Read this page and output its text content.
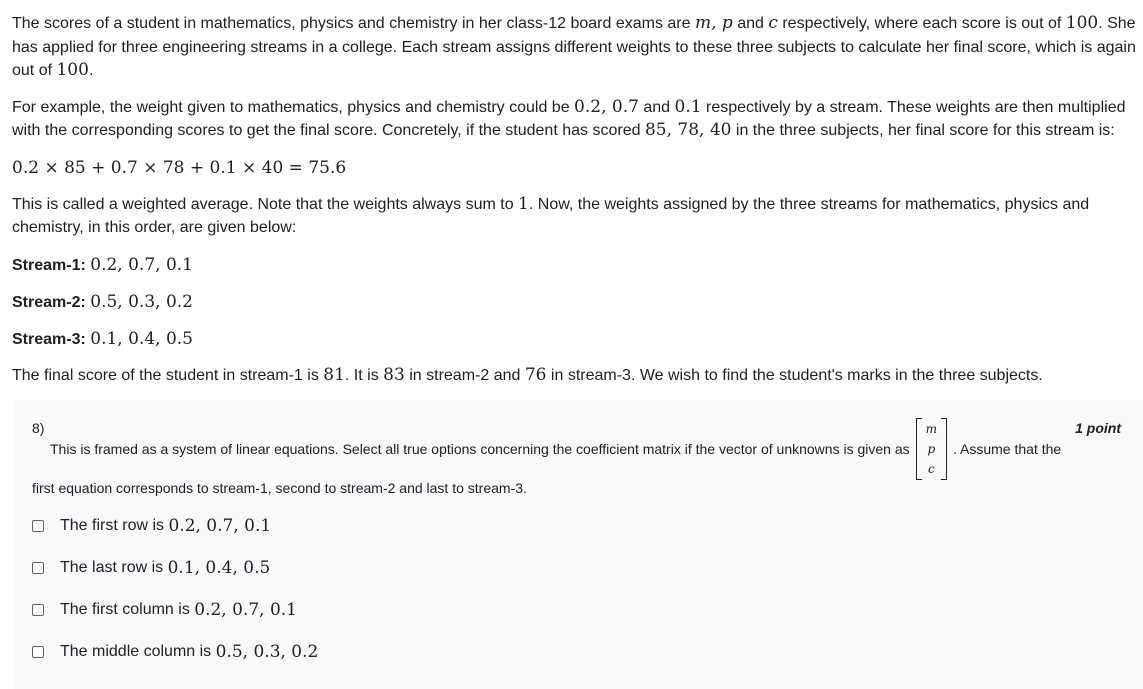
The scores of a student in mathematics, physics and chemistry in her class-12 board exams are m, p and c respectively, where each score is out of 100. She has applied for three engineering streams in a college. Each stream assigns different weights to these three subjects to calculate her final score, which is again out of 100.

For example, the weight given to mathematics, physics and chemistry could be 0.2, 0.7 and 0.1 respectively by a stream. These weights are then multiplied with the corresponding scores to get the final score. Concretely, if the student has scored 85, 78, 40 in the three subjects, her final score for this stream is:

0.2 × 85 + 0.7 × 78 + 0.1 × 40 = 75.6

This is called a weighted average. Note that the weights always sum to 1. Now, the weights assigned by the three streams for mathematics, physics and chemistry, in this order, are given below:

Stream-1: 0.2, 0.7, 0.1
Stream-2: 0.5, 0.3, 0.2
Stream-3: 0.1, 0.4, 0.5

The final score of the student in stream-1 is 81. It is 83 in stream-2 and 76 in stream-3. We wish to find the student's marks in the three subjects.

8)	1 point
This is framed as a system of linear equations. Select all true options concerning the coefficient matrix if the vector of unknowns is given as
m
p
c
. Assume that the
first equation corresponds to stream-1, second to stream-2 and last to stream-3.
The first row is
0.2, 0.7, 0.1
The last row is
0.1, 0.4, 0.5
The first column is
0.2, 0.7, 0.1
The middle column is
0.5, 0.3, 0.2
